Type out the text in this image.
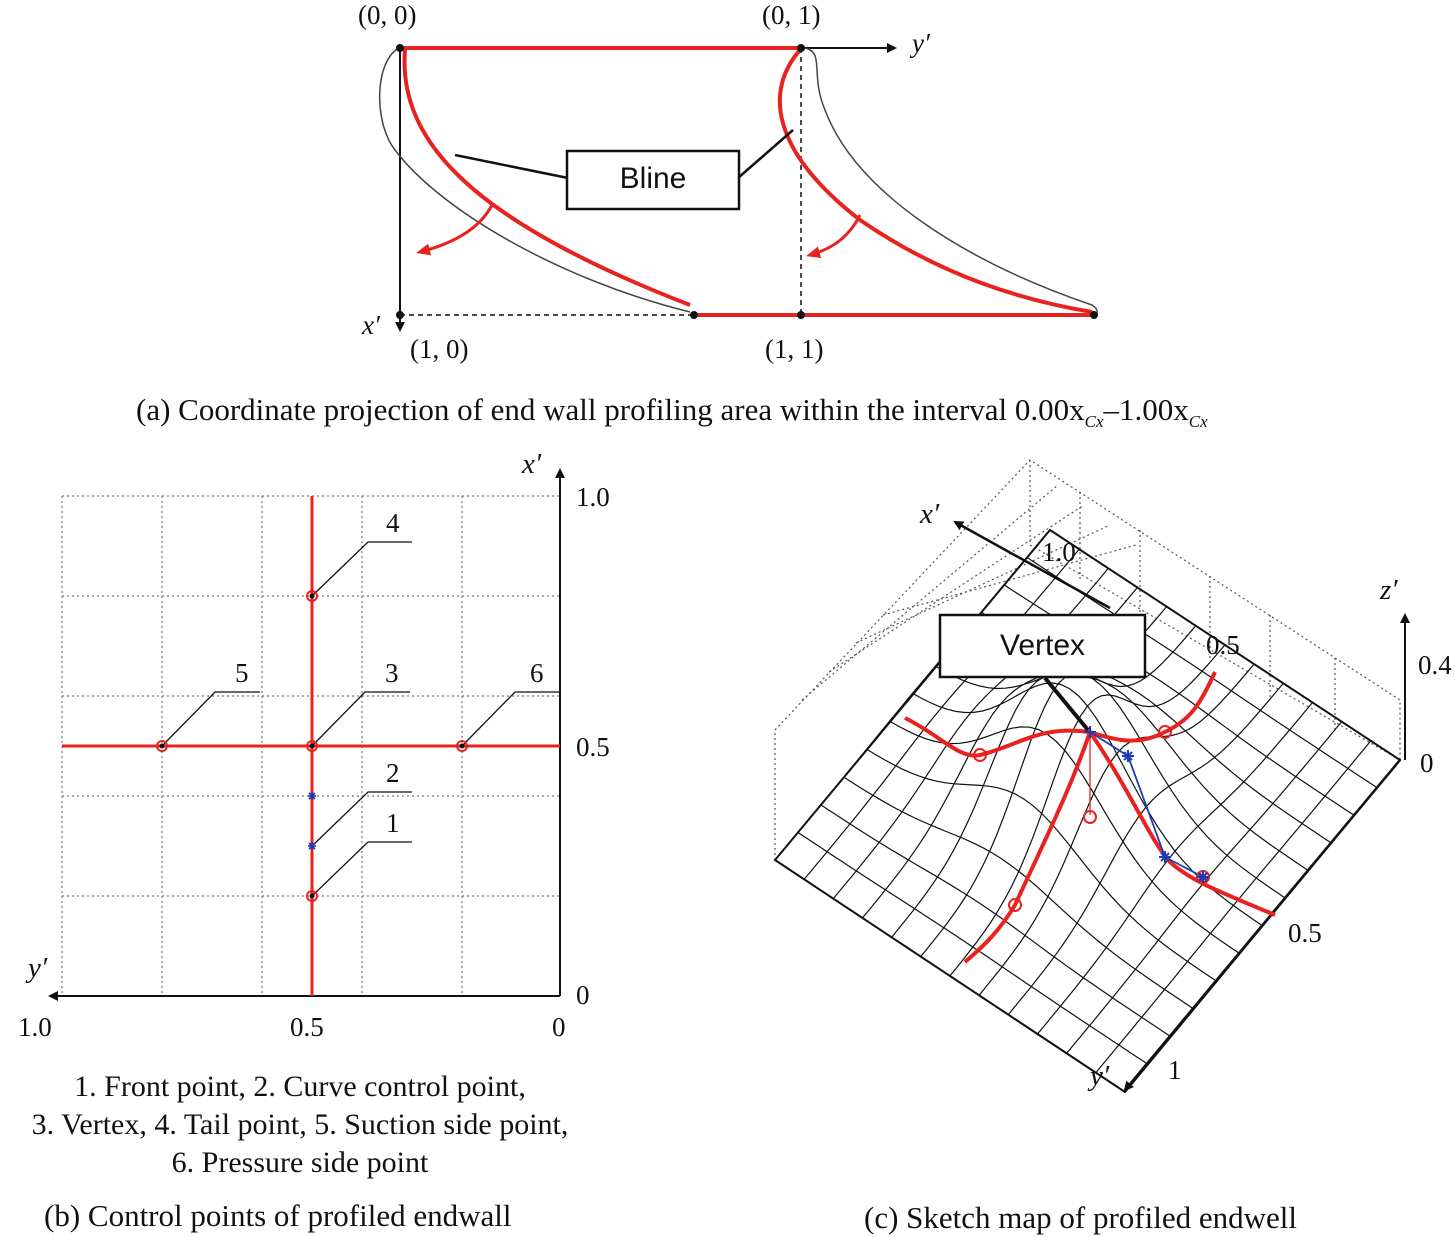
(0, 0)	(0, 1)
(1, 0)	(1, 1)
y′
x′
Bline
(a) Coordinate projection of end wall profiling area within the interval $0.00x_{Cx}-1.00x_{Cx}$
x′
y′
1.0
0.5
0
1.0	0.5	0
4
5	3	6
2
1
1. Front point, 2. Curve control point,
3. Vertex, 4. Tail point, 5. Suction side point,
6. Pressure side point
(b) Control points of profiled endwall
x′
y′
z′
1.0
0.5
0.5
1
0.4
0
Vertex
(c) Sketch map of profiled endwell
